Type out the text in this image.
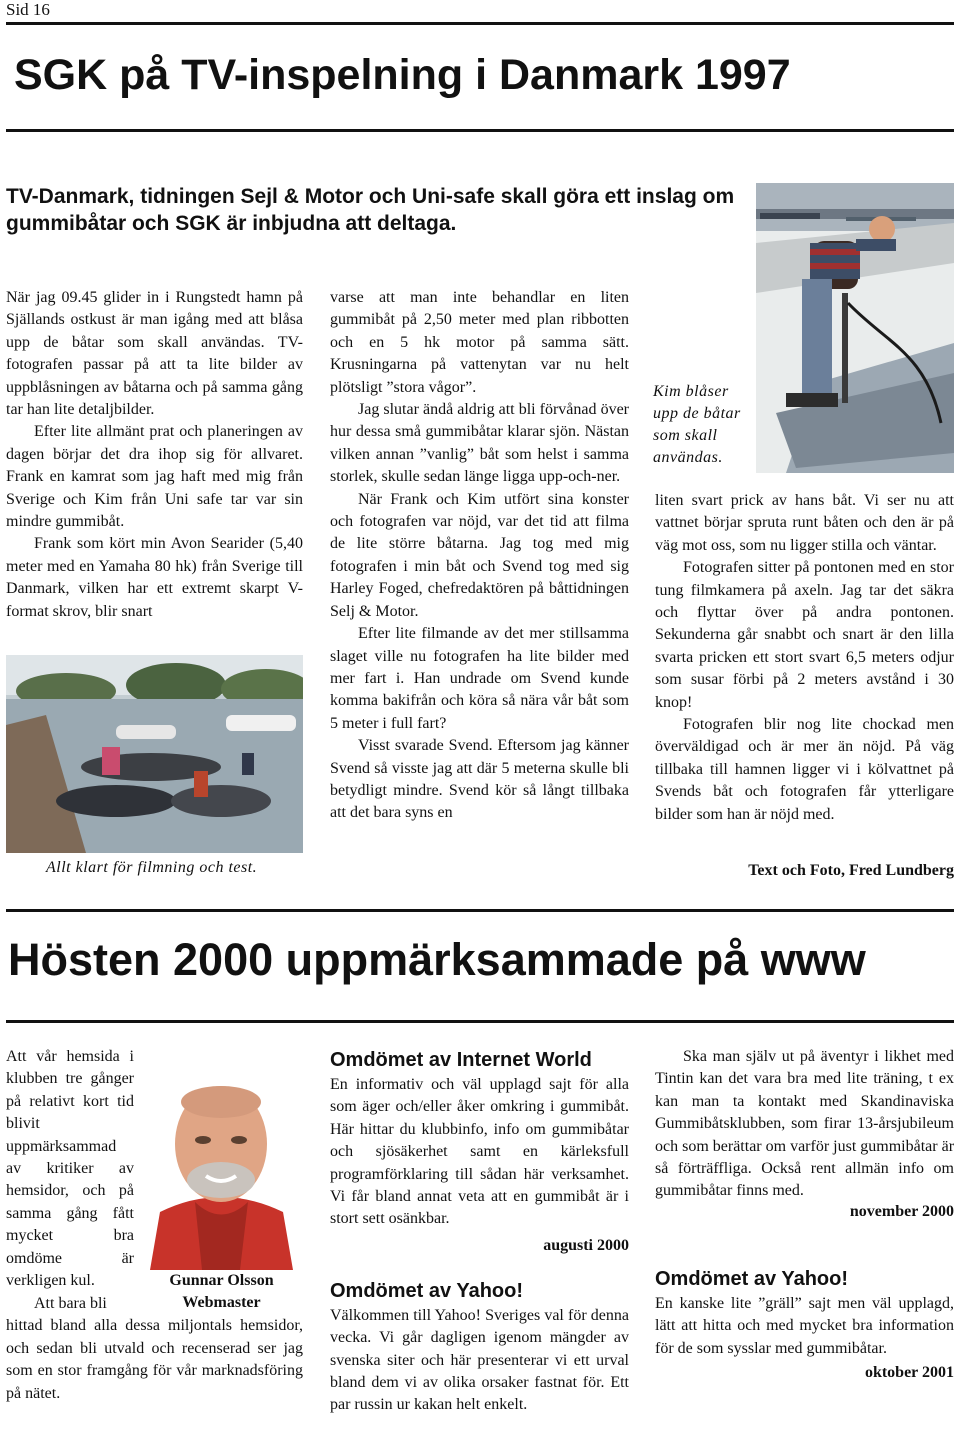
Sid 16
SGK på TV-inspelning i Danmark 1997

TV-Danmark, tidningen Sejl & Motor och Uni-safe skall göra ett inslag om gummibåtar och SGK är inbjudna att deltaga.

Kim blåser upp de båtar som skall användas.

När jag 09.45 glider in i Rungstedt hamn på Själlands ostkust är man igång med att blåsa upp de båtar som skall användas. TV-fotografen passar på att ta lite bilder av uppblåsningen av båtarna och på samma gång tar han lite detaljbilder.

Efter lite allmänt prat och planeringen av dagen börjar det dra ihop sig för allvaret. Frank en kamrat som jag haft med mig från Sverige och Kim från Uni safe tar var sin mindre gummibåt.

Frank som kört min Avon Searider (5,40 meter med en Yamaha 80 hk) från Sverige till Danmark, vilken har ett extremt skarpt V-format skrov, blir snart

Allt klart för filmning och test.

varse att man inte behandlar en liten gummibåt på 2,50 meter med plan ribbotten och en 5 hk motor på samma sätt. Krusningarna på vattenytan var nu helt plötsligt ”stora vågor”.

Jag slutar ändå aldrig att bli förvånad över hur dessa små gummibåtar klarar sjön. Nästan vilken annan ”vanlig” båt som helst i samma storlek, skulle sedan länge ligga upp-och-ner.

När Frank och Kim utfört sina konster och fotografen var nöjd, var det tid att filma de lite större båtarna. Jag tog med mig fotografen i min båt och Svend tog med sig Harley Foged, chefredaktören på båttidningen Selj & Motor.

Efter lite filmande av det mer stillsamma slaget ville nu fotografen ha lite bilder med mer fart i. Han undrade om Svend kunde komma bakifrån och köra så nära vår båt som 5 meter i full fart?

Visst svarade Svend. Eftersom jag känner Svend så visste jag att där 5 meterna skulle bli betydligt mindre. Svend kör så långt tillbaka att det bara syns en

liten svart prick av hans båt. Vi ser nu att vattnet börjar spruta runt båten och den är på väg mot oss, som nu ligger stilla och väntar.

Fotografen sitter på pontonen med en stor tung filmkamera på axeln. Jag tar det säkra och flyttar över på andra pontonen. Sekunderna går snabbt och snart är den lilla svarta pricken ett stort svart 6,5 meters odjur som susar förbi på 2 meters avstånd i 30 knop!

Fotografen blir nog lite chockad men överväldigad och är mer än nöjd. På väg tillbaka till hamnen ligger vi i kölvattnet på Svends båt och fotografen får ytterligare bilder som han är nöjd med.

Text och Foto, Fred Lundberg
Hösten 2000 uppmärksammade på www

Att vår hemsida i klubben tre gånger på relativt kort tid blivit uppmärksammad av kritiker av hemsidor, och på samma gång fått mycket bra omdöme är verkligen kul.	Gunnar Olsson
Webmaster

Att bara bli

hittad bland alla dessa miljontals hemsidor, och sedan bli utvald och recenserad ser jag som en stor framgång för vår marknadsföring på nätet.

Omdömet av Internet World

En informativ och väl upplagd sajt för alla som äger och/eller åker omkring i gummibåt. Här hittar du klubbinfo, info om gummibåtar och sjösäkerhet samt en kärleksfull programförklaring till sådan här verksamhet. Vi får bland annat veta att en gummibåt är i stort sett osänkbar.

augusti 2000
Omdömet av Yahoo!

Välkommen till Yahoo! Sveriges val för denna vecka. Vi går dagligen igenom mängder av svenska siter och här presenterar vi ett urval bland dem vi av olika orsaker fastnat för. Ett par russin ur kakan helt enkelt.

Ska man själv ut på äventyr i likhet med Tintin kan det vara bra med lite träning, t ex kan man ta kontakt med Skandinaviska Gummibåtsklubben, som firar 13-årsjubileum och som berättar om varför just gummibåtar är så förträffliga. Också rent allmän info om gummibåtar finns med.

november 2000
Omdömet av Yahoo!

En kanske lite ”gräll” sajt men väl upplagd, lätt att hitta och med mycket bra information för de som sysslar med gummibåtar.

oktober 2001
